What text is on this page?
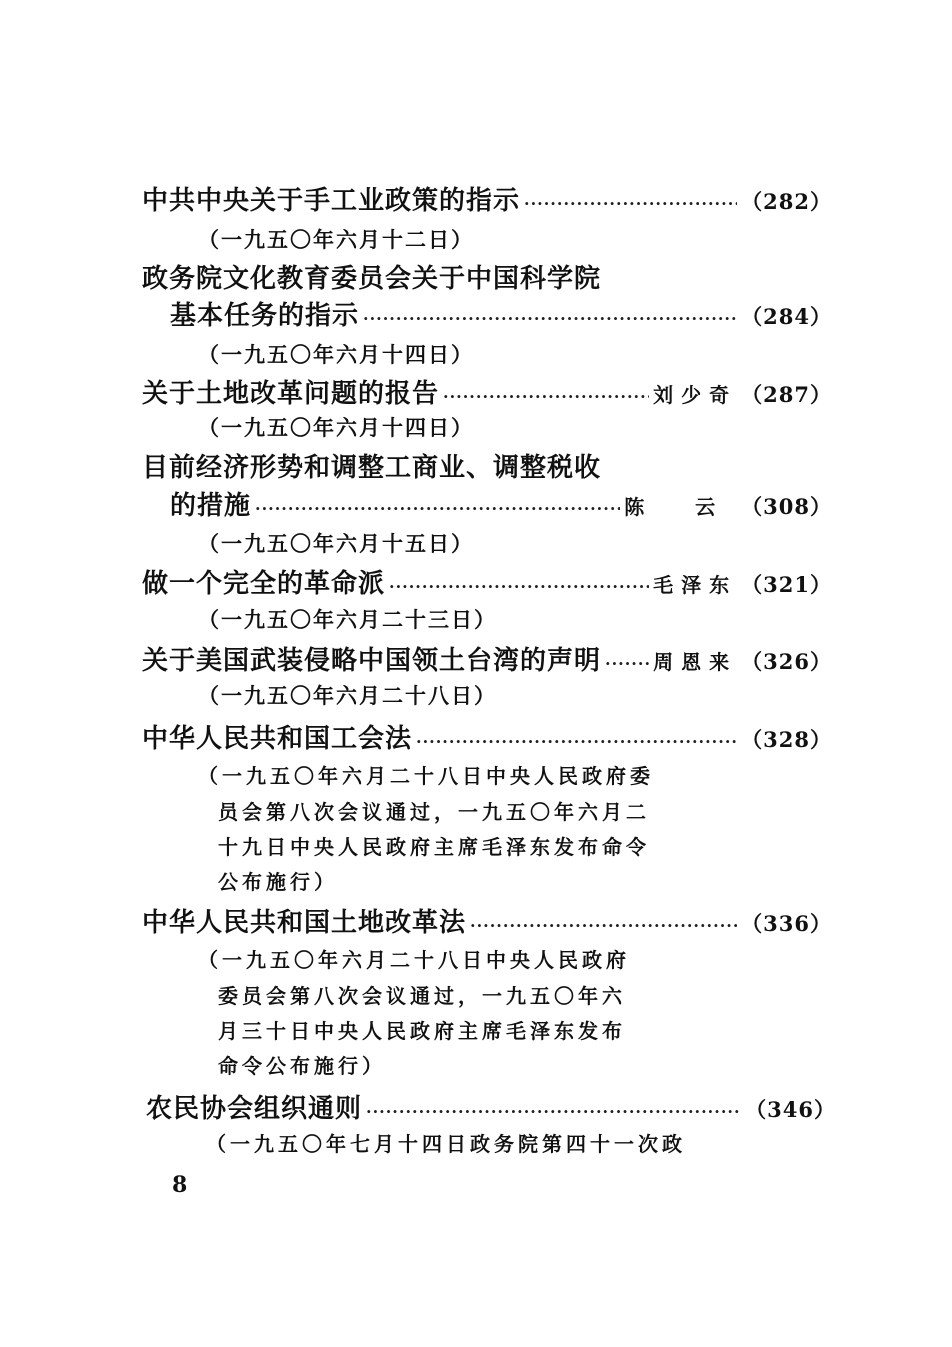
中共中央关于手工业政策的指示 ·····	（282）
（一九五〇年六月十二日）
政务院文化教育委员会关于中国科学院
基本任务的指示 ·····	（284）
（一九五〇年六月十四日）
关于土地改革问题的报告 ·····	刘少奇 （287）
（一九五〇年六月十四日）
目前经济形势和调整工商业、调整税收
的措施 ·····	陈 云 （308）
（一九五〇年六月十五日）
做一个完全的革命派 ·····	毛泽东 （321）
（一九五〇年六月二十三日）
关于美国武装侵略中国领土台湾的声明 ·····	周恩来 （326）
（一九五〇年六月二十八日）
中华人民共和国工会法 ·····	（328）
（一九五〇年六月二十八日中央人民政府委
员会第八次会议通过，一九五〇年六月二
十九日中央人民政府主席毛泽东发布命令
公布施行）
中华人民共和国土地改革法 ·····	（336）
（一九五〇年六月二十八日中央人民政府
委员会第八次会议通过，一九五〇年六
月三十日中央人民政府主席毛泽东发布
命令公布施行）
农民协会组织通则 ·····	（346）
（一九五〇年七月十四日政务院第四十一次政
8
